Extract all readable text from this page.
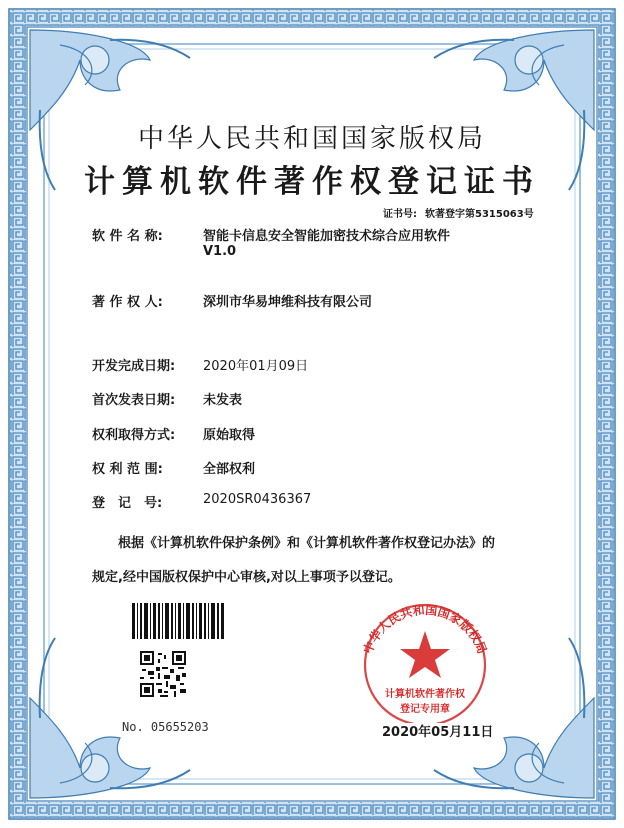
中华人民共和国国家版权局
计算机软件著作权登记证书
证书号: 软著登字第5315063号
软 件 名 称:	智能卡信息安全智能加密技术综合应用软件
V1.0
著 作 权 人:	深圳市华易坤维科技有限公司
开发完成日期: 2020年01月09日
首次发表日期: 未发表
权利取得方式: 原始取得
权 利 范 围:	全部权利
登　记　号:	2020SR0436367
根据《计算机软件保护条例》和《计算机软件著作权登记办法》的
规定,经中国版权保护中心审核,对以上事项予以登记。
中华人民共和国国家版权局
计算机软件著作权
登记专用章
No. 05655203	2020年05月11日
